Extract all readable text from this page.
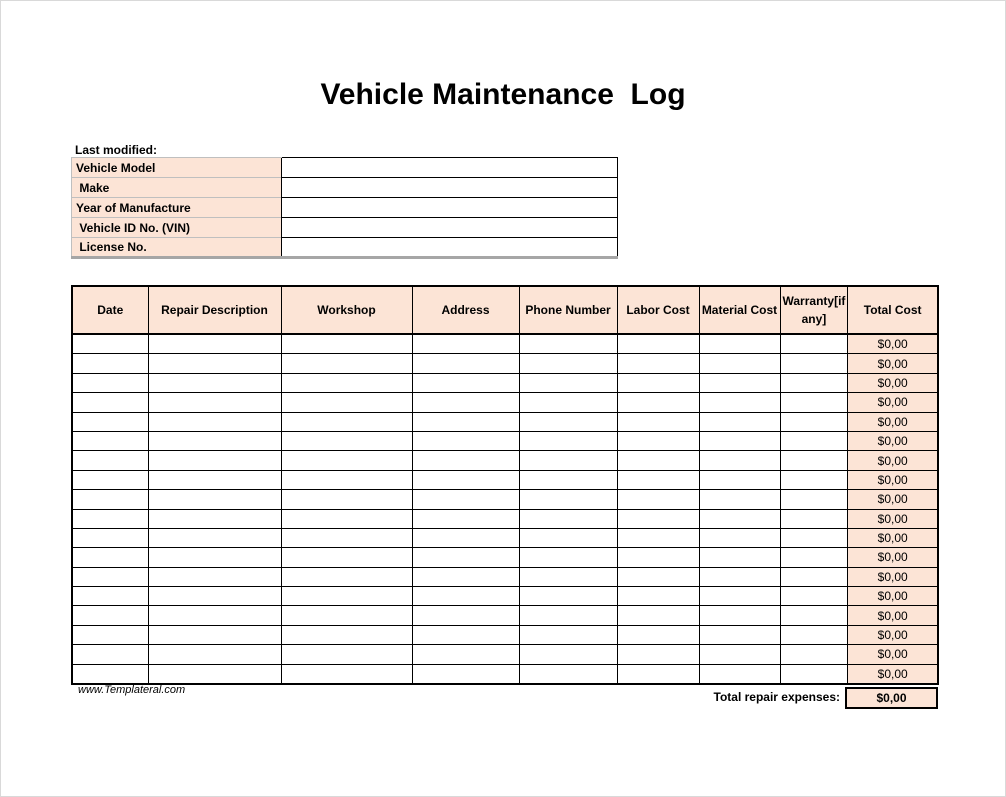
Vehicle Maintenance  Log
Last modified:
Vehicle Model	
Make	
Year of Manufacture	
Vehicle ID No. (VIN)	
License No.	
Date	Repair Description	Workshop	Address	Phone Number	Labor Cost	Material Cost	Warranty[if any]	Total Cost
								$0,00
								$0,00
								$0,00
								$0,00
								$0,00
								$0,00
								$0,00
								$0,00
								$0,00
								$0,00
								$0,00
								$0,00
								$0,00
								$0,00
								$0,00
								$0,00
								$0,00
								$0,00
www.Templateral.com	Total repair expenses:	$0,00
